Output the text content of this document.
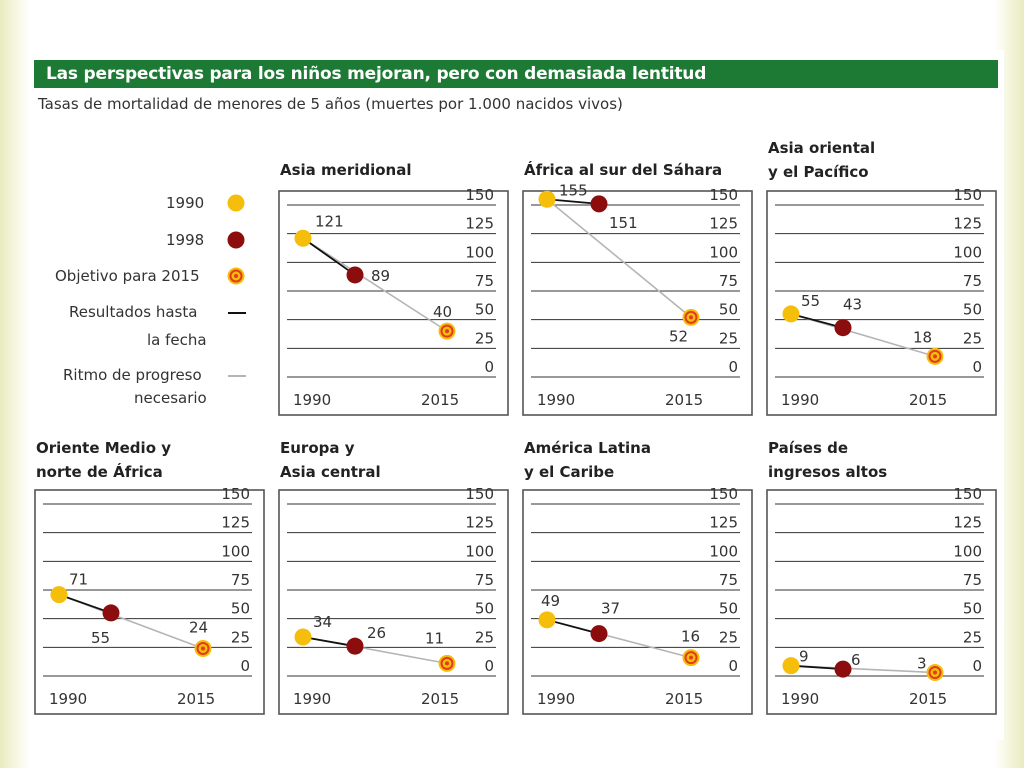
Las perspectivas para los niños mejoran, pero con demasiada lentitud
Tasas de mortalidad de menores de 5 años (muertes por 1.000 nacidos vivos)
0
25
50
75
100
125
150
1990	2015
121
89
40
0
25
50
75
100
125
150
1990	2015
155
151
52
0
25
50
75
100
125
150
1990	2015
55 43
18
0
25
50
75
100
125
150
1990	2015
71
55
24
0
25
50
75
100
125
150
1990	2015
34
26	11
0
25
50
75
100
125
150
1990	2015
49	37
16
0
25
50
75
100
125
150
1990	2015
9	6	3
1990
1998
Objetivo para 2015
Resultados hasta
la fecha
Ritmo de progreso
necesario
Asia meridional	África al sur del Sáhara
Asia oriental
y el Pacífico
Oriente Medio y
norte de África
Europa y
Asia central
América Latina
y el Caribe
Países de
ingresos altos
